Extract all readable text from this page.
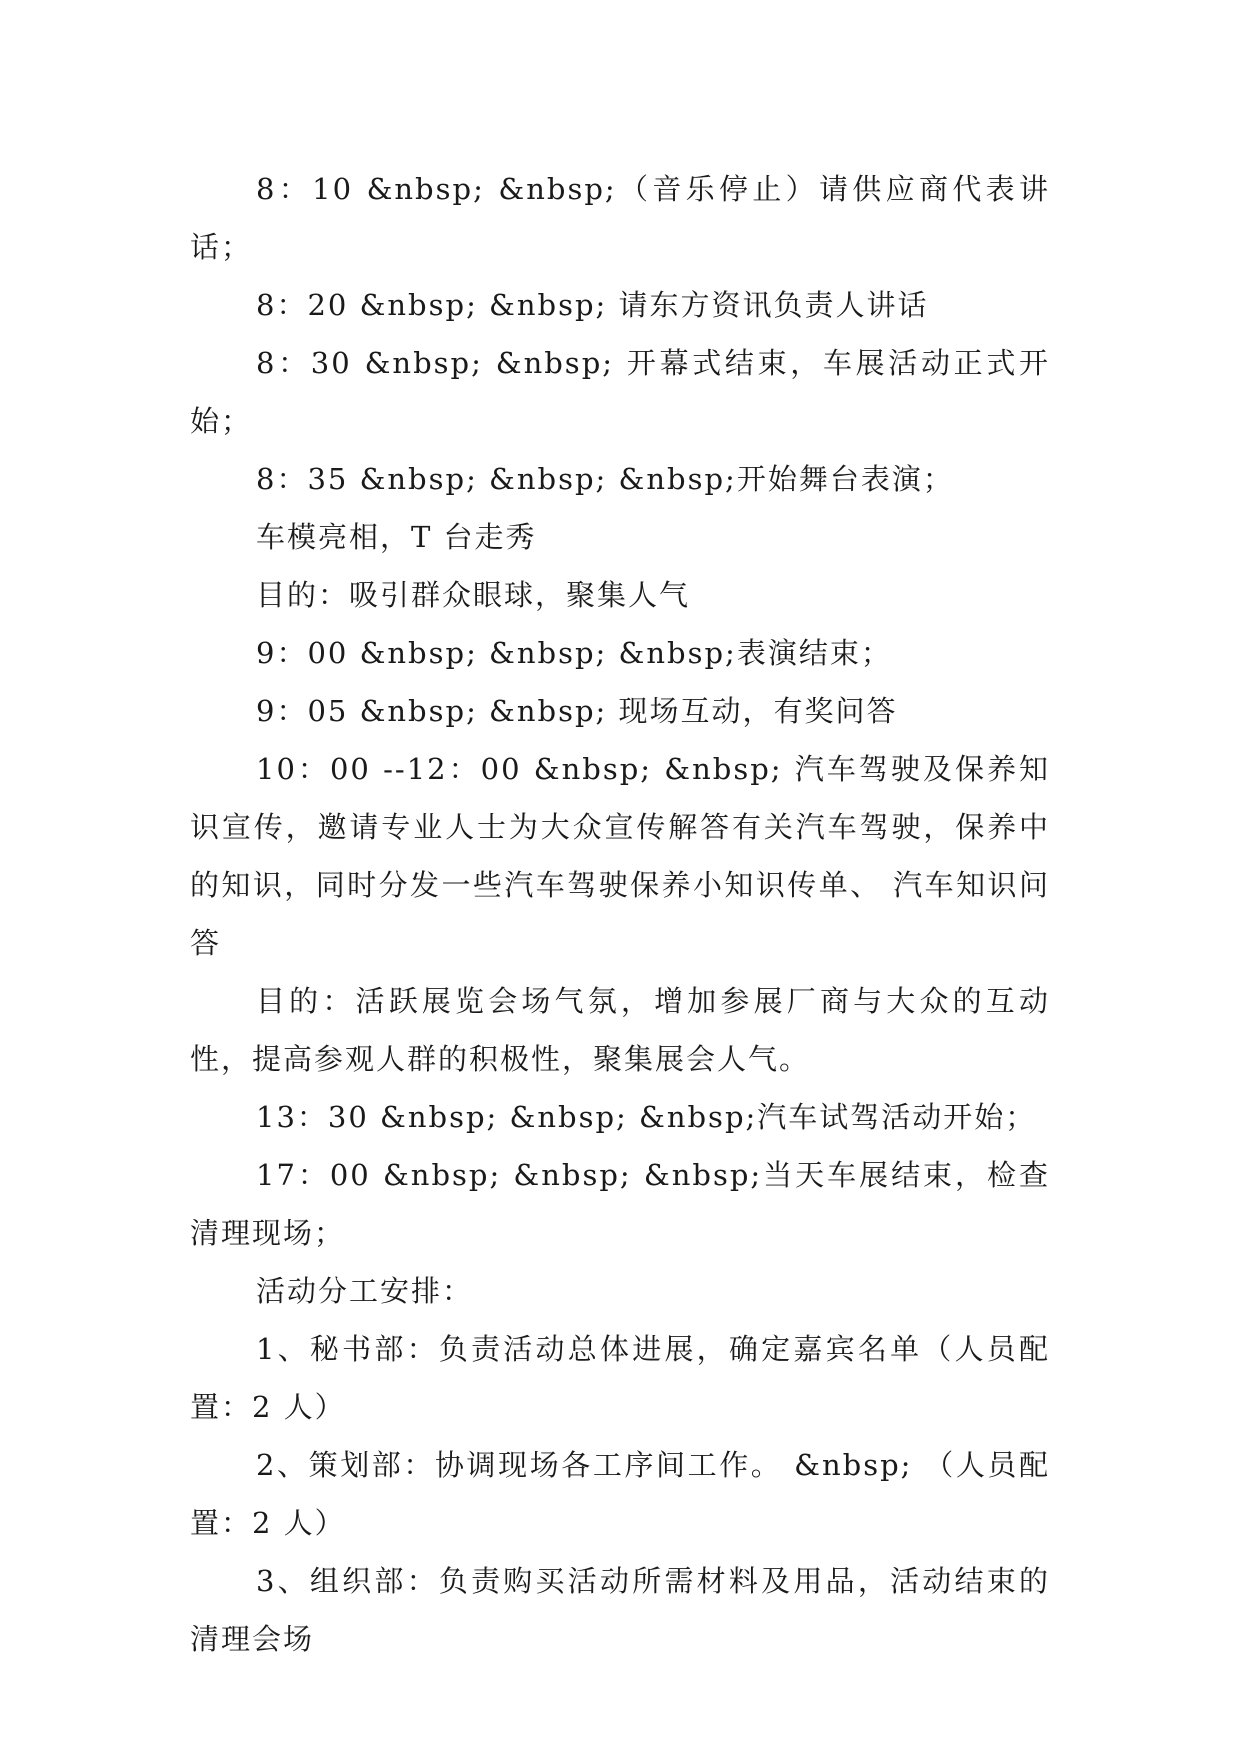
8：10 &nbsp; &nbsp;（音乐停止）请供应商代表讲话；

8：20 &nbsp; &nbsp; 请东方资讯负责人讲话

8：30 &nbsp; &nbsp; 开幕式结束，车展活动正式开始；

8：35 &nbsp; &nbsp; &nbsp;开始舞台表演；

车模亮相，T 台走秀

目的：吸引群众眼球，聚集人气

9：00 &nbsp; &nbsp; &nbsp;表演结束；

9：05 &nbsp; &nbsp; 现场互动，有奖问答

10：00 --12：00 &nbsp; &nbsp; 汽车驾驶及保养知识宣传，邀请专业人士为大众宣传解答有关汽车驾驶，保养中的知识，同时分发一些汽车驾驶保养小知识传单、 汽车知识问答

目的：活跃展览会场气氛，增加参展厂商与大众的互动性，提高参观人群的积极性，聚集展会人气。

13：30 &nbsp; &nbsp; &nbsp;汽车试驾活动开始；

17：00 &nbsp; &nbsp; &nbsp;当天车展结束，检查清理现场；

活动分工安排：

1、秘书部：负责活动总体进展，确定嘉宾名单（人员配置：2 人）

2、策划部：协调现场各工序间工作。 &nbsp; （人员配置：2 人）

3、组织部：负责购买活动所需材料及用品，活动结束的清理会场
